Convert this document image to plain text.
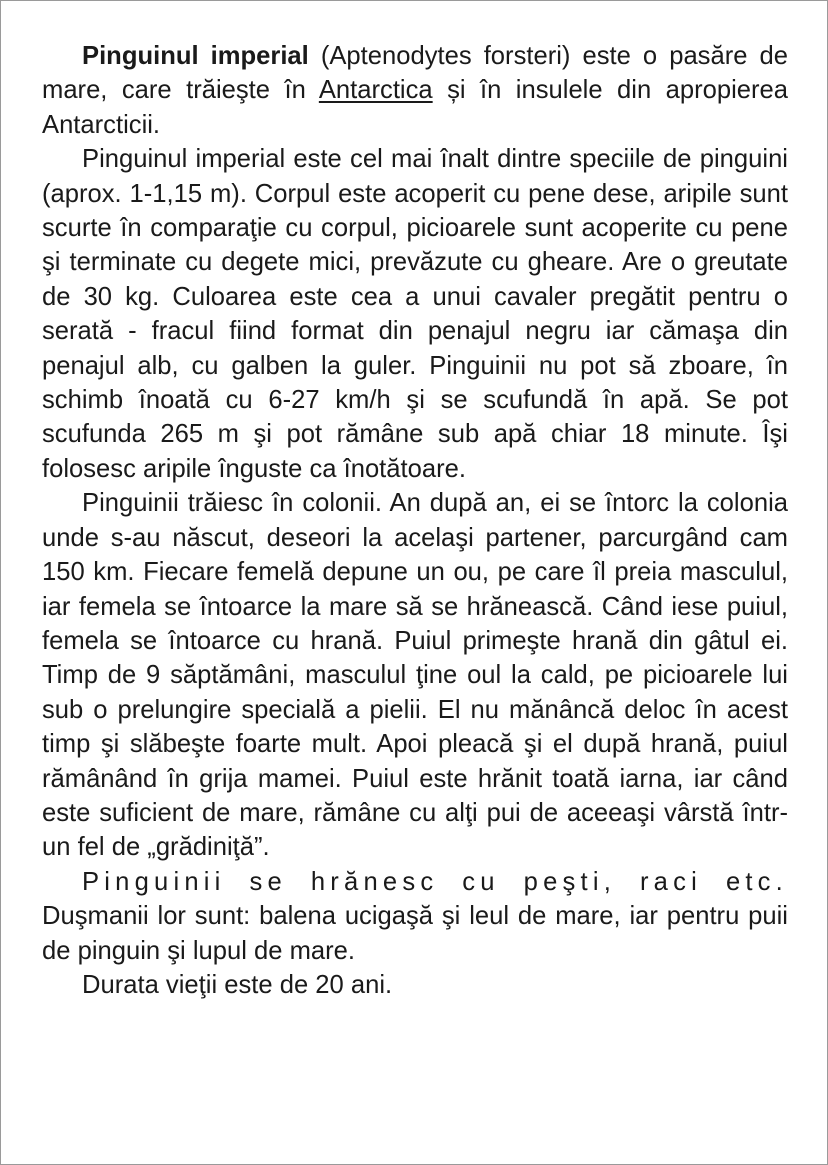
Pinguinul imperial (Aptenodytes forsteri) este o pasăre de mare, care trăieşte în Antarctica și în insulele din apropierea Antarcticii.

Pinguinul imperial este cel mai înalt dintre speciile de pinguini (aprox. 1-1,15 m). Corpul este acoperit cu pene dese, aripile sunt scurte în comparaţie cu corpul, picioarele sunt acoperite cu pene şi terminate cu degete mici, prevăzute cu gheare. Are o greutate de 30 kg. Culoarea este cea a unui cavaler pregătit pentru o serată - fracul fiind format din penajul negru iar cămaşa din penajul alb, cu galben la guler. Pinguinii nu pot să zboare, în schimb înoată cu 6-27 km/h şi se scufundă în apă. Se pot scufunda 265 m şi pot rămâne sub apă chiar 18 minute. Îşi folosesc aripile înguste ca înotătoare.

Pinguinii trăiesc în colonii. An după an, ei se întorc la colonia unde s-au născut, deseori la acelaşi partener, parcurgând cam 150 km. Fiecare femelă depune un ou, pe care îl preia masculul, iar femela se întoarce la mare să se hrănească. Când iese puiul, femela se întoarce cu hrană. Puiul primeşte hrană din gâtul ei. Timp de 9 săptămâni, masculul ţine oul la cald, pe picioarele lui sub o prelungire specială a pielii. El nu mănâncă deloc în acest timp şi slăbeşte foarte mult. Apoi pleacă şi el după hrană, puiul rămânând în grija mamei. Puiul este hrănit toată iarna, iar când este suficient de mare, rămâne cu alţi pui de aceeaşi vârstă într-un fel de „grădiniţă”.

Pinguinii se hrănesc cu peşti, raci etc. Duşmanii lor sunt: balena ucigaşă şi leul de mare, iar pentru puii de pinguin şi lupul de mare.

Durata vieţii este de 20 ani.
